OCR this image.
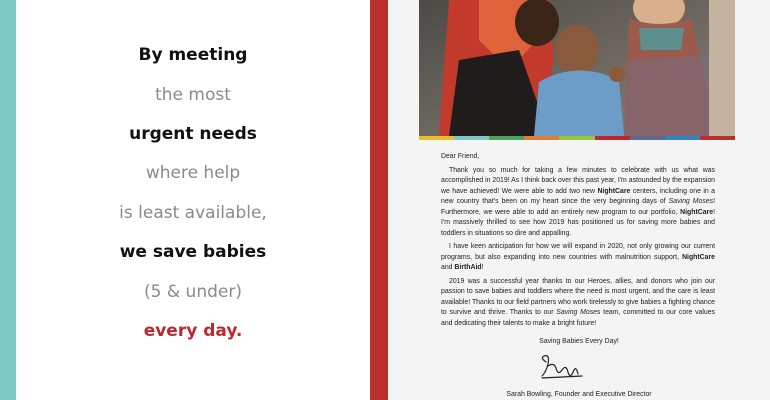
By meeting
the most
urgent needs
where help
is least available,
we save babies
(5 & under)
every day.

Dear Friend,

Thank you so much for taking a few minutes to celebrate with us what was accomplished in 2019! As I think back over this past year, I'm astounded by the expansion we have achieved! We were able to add two new NightCare centers, including one in a new country that's been on my heart since the very beginning days of Saving Moses! Furthermore, we were able to add an entirely new program to our portfolio, NightCare! I'm massively thrilled to see how 2019 has positioned us for saving more babies and toddlers in situations so dire and appalling.

I have keen anticipation for how we will expand in 2020, not only growing our current programs, but also expanding into new countries with malnutrition support, NightCare and BirthAid!

2019 was a successful year thanks to our Heroes, allies, and donors who join our passion to save babies and toddlers where the need is most urgent, and the care is least available! Thanks to our field partners who work tirelessly to give babies a fighting chance to survive and thrive. Thanks to our Saving Moses team, committed to our core values and dedicating their talents to make a bright future!

Saving Babies Every Day!
Sarah Bowling, Founder and Executive Director
